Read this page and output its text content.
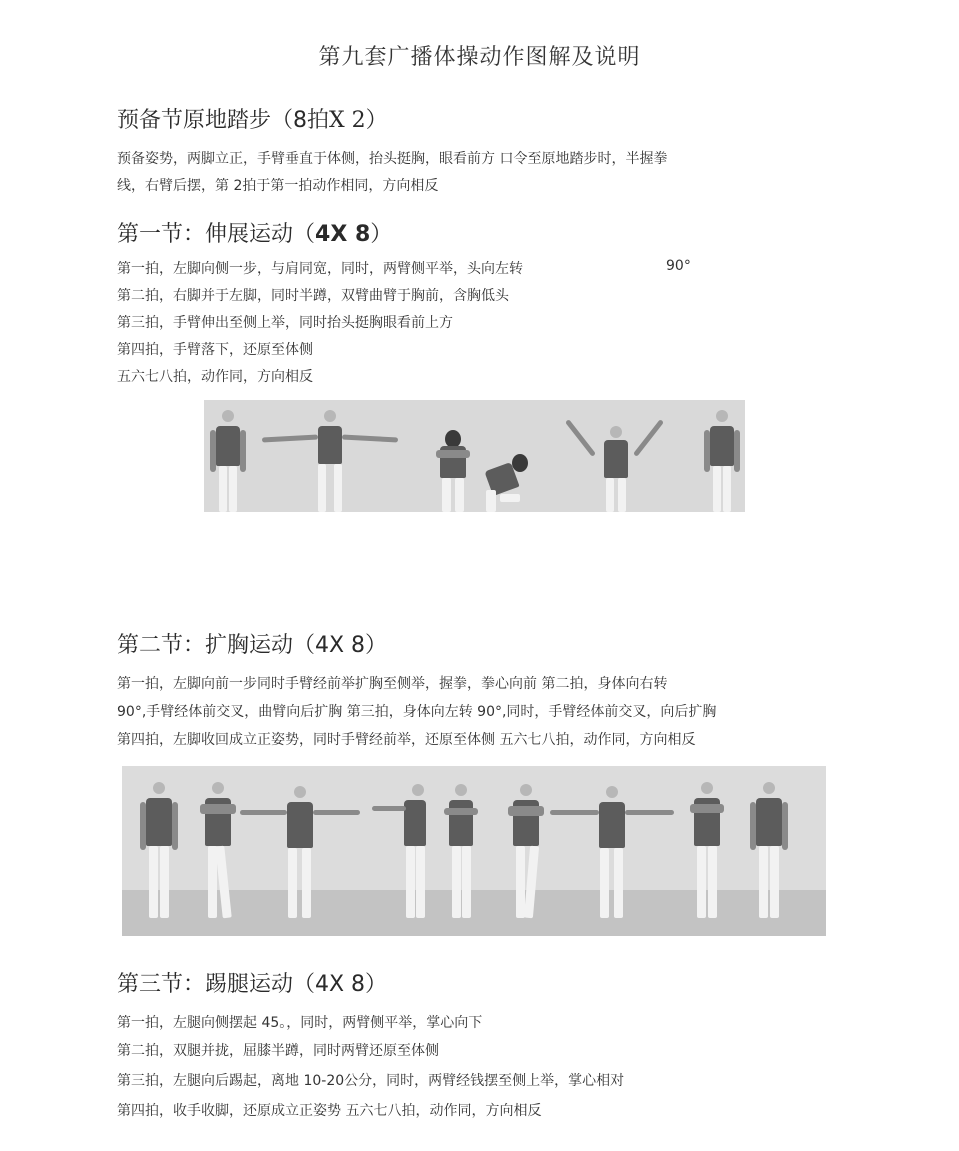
第九套广播体操动作图解及说明
预备节原地踏步（8拍X 2）
预备姿势，两脚立正，手臂垂直于体侧，抬头挺胸，眼看前方 口令至原地踏步时，半握拳
线，右臂后摆，第 2拍于第一拍动作相同，方向相反
第一节：伸展运动（4X 8）
第一拍，左脚向侧一步，与肩同宽，同时，两臂侧平举，头向左转	90°
第二拍，右脚并于左脚，同时半蹲，双臂曲臂于胸前，含胸低头
第三拍，手臂伸出至侧上举，同时抬头挺胸眼看前上方
第四拍，手臂落下，还原至体侧
五六七八拍，动作同，方向相反
第二节：扩胸运动（4X 8）
第一拍，左脚向前一步同时手臂经前举扩胸至侧举，握拳，拳心向前 第二拍，身体向右转
90°,手臂经体前交叉，曲臂向后扩胸 第三拍，身体向左转 90°,同时，手臂经体前交叉，向后扩胸
第四拍，左脚收回成立正姿势，同时手臂经前举，还原至体侧 五六七八拍，动作同，方向相反
第三节：踢腿运动（4X 8）
第一拍，左腿向侧摆起 45。，同时，两臂侧平举，掌心向下
第二拍，双腿并拢，屈膝半蹲，同时两臂还原至体侧
第三拍，左腿向后踢起，离地 10-20公分，同时，两臂经钱摆至侧上举，掌心相对
第四拍，收手收脚，还原成立正姿势 五六七八拍，动作同，方向相反
